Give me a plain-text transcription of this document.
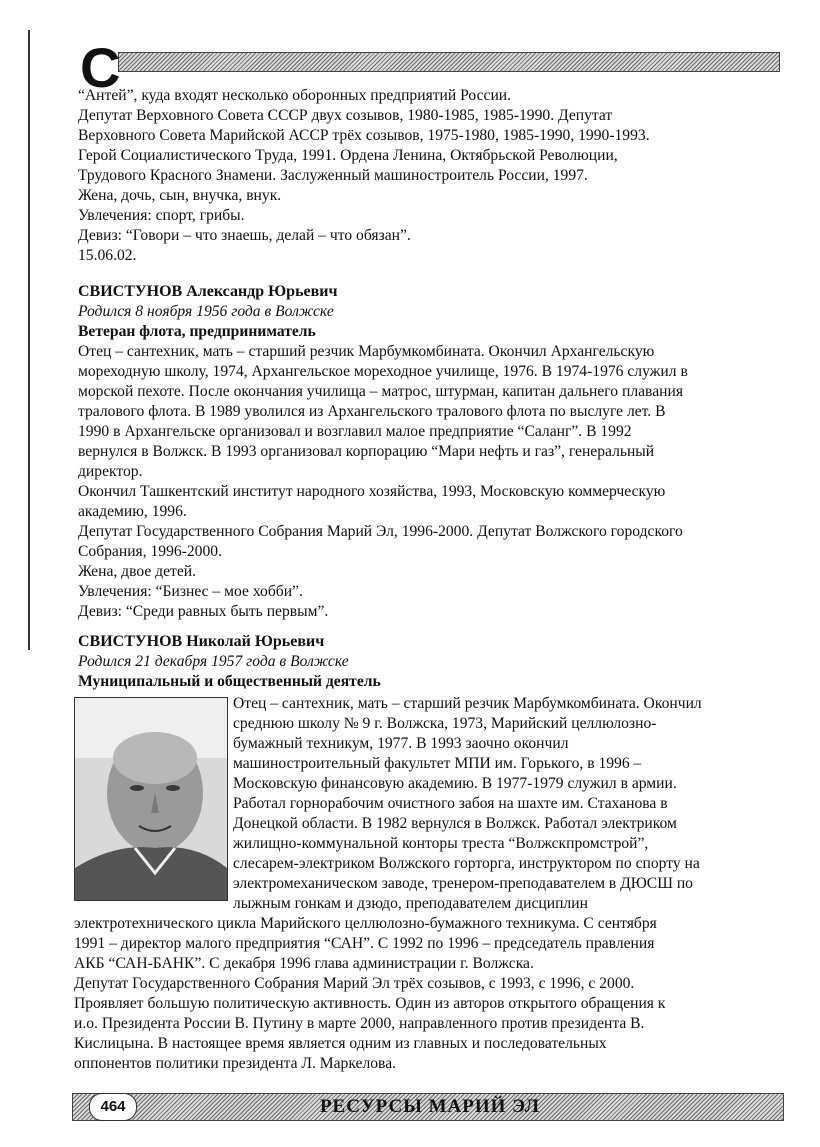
С

“Антей”, куда входят несколько оборонных предприятий России.

Депутат Верховного Совета СССР двух созывов, 1980-1985, 1985-1990. Депутат

Верховного Совета Марийской АССР трёх созывов, 1975-1980, 1985-1990, 1990-1993.

Герой Социалистического Труда, 1991. Ордена Ленина, Октябрьской Революции,

Трудового Красного Знамени. Заслуженный машиностроитель России, 1997.

Жена, дочь, сын, внучка, внук.

Увлечения: спорт, грибы.

Девиз: “Говори – что знаешь, делай – что обязан”.

15.06.02.

СВИСТУНОВ Александр Юрьевич

Родился 8 ноября 1956 года в Волжске

Ветеран флота, предприниматель

Отец – сантехник, мать – старший резчик Марбумкомбината. Окончил Архангельскую

мореходную школу, 1974, Архангельское мореходное училище, 1976. В 1974-1976 служил в

морской пехоте. После окончания училища – матрос, штурман, капитан дальнего плавания

тралового флота. В 1989 уволился из Архангельского тралового флота по выслуге лет. В

1990 в Архангельске организовал и возглавил малое предприятие “Саланг”. В 1992

вернулся в Волжск. В 1993 организовал корпорацию “Мари нефть и газ”, генеральный

директор.

Окончил Ташкентский институт народного хозяйства, 1993, Московскую коммерческую

академию, 1996.

Депутат Государственного Собрания Марий Эл, 1996-2000. Депутат Волжского городского

Собрания, 1996-2000.

Жена, двое детей.

Увлечения: “Бизнес – мое хобби”.

Девиз: “Среди равных быть первым”.

СВИСТУНОВ Николай Юрьевич

Родился 21 декабря 1957 года в Волжске

Муниципальный и общественный деятель

Отец – сантехник, мать – старший резчик Марбумкомбината. Окончил

среднюю школу № 9 г. Волжска, 1973, Марийский целлюлозно-

бумажный техникум, 1977. В 1993 заочно окончил

машиностроительный факультет МПИ им. Горького, в 1996 –

Московскую финансовую академию. В 1977-1979 служил в армии.

Работал горнорабочим очистного забоя на шахте им. Стаханова в

Донецкой области. В 1982 вернулся в Волжск. Работал электриком

жилищно-коммунальной конторы треста “Волжскпромстрой”,

слесарем-электриком Волжского горторга, инструктором по спорту на

электромеханическом заводе, тренером-преподавателем в ДЮСШ по

лыжным гонкам и дзюдо, преподавателем дисциплин

электротехнического цикла Марийского целлюлозно-бумажного техникума. С сентября

1991 – директор малого предприятия “САН”. С 1992 по 1996 – председатель правления

АКБ “САН-БАНК”. С декабря 1996 глава администрации г. Волжска.

Депутат Государственного Собрания Марий Эл трёх созывов, с 1993, с 1996, с 2000.

Проявляет большую политическую активность. Один из авторов открытого обращения к

и.о. Президента России В. Путину в марте 2000, направленного против президента В.

Кислицына. В настоящее время является одним из главных и последовательных

оппонентов политики президента Л. Маркелова.

464	РЕСУРСЫ МАРИЙ ЭЛ
